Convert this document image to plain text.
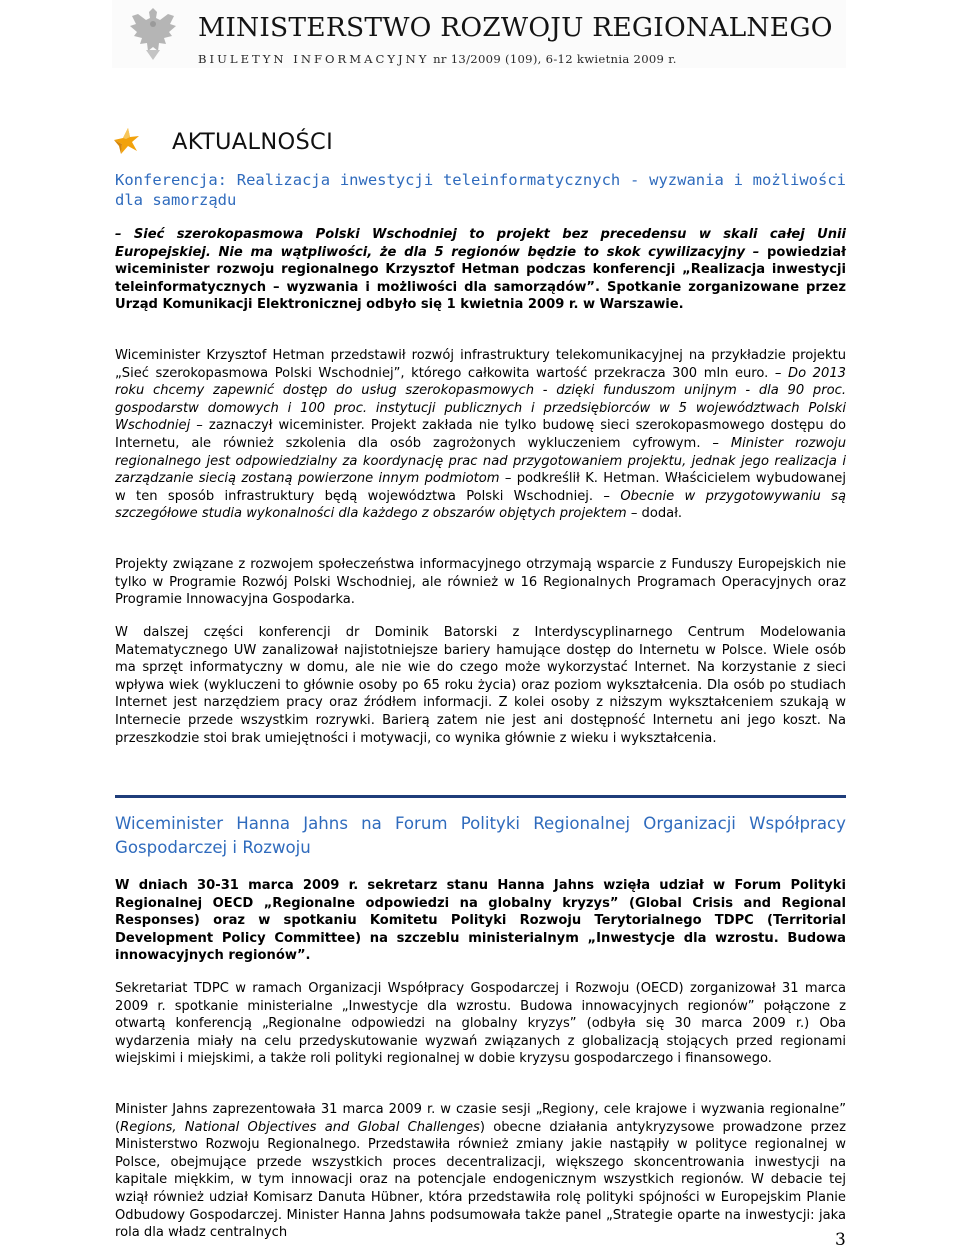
MINISTERSTWO ROZWOJU REGIONALNEGO
BIULETYN INFORMACYJNY nr 13/2009 (109), 6-12 kwietnia 2009 r.
AKTUALNOŚCI
Konferencja: Realizacja inwestycji teleinformatycznych - wyzwania i możliwości dla samorządu
– Sieć szerokopasmowa Polski Wschodniej to projekt bez precedensu w skali całej Unii Europejskiej. Nie ma wątpliwości, że dla 5 regionów będzie to skok cywilizacyjny – powiedział wiceminister rozwoju regionalnego Krzysztof Hetman podczas konferencji „Realizacja inwestycji teleinformatycznych – wyzwania i możliwości dla samorządów”. Spotkanie zorganizowane przez Urząd Komunikacji Elektronicznej odbyło się 1 kwietnia 2009 r. w Warszawie.
Wiceminister Krzysztof Hetman przedstawił rozwój infrastruktury telekomunikacyjnej na przykładzie projektu „Sieć szerokopasmowa Polski Wschodniej”, którego całkowita wartość przekracza 300 mln euro. – Do 2013 roku chcemy zapewnić dostęp do usług szerokopasmowych - dzięki funduszom unijnym - dla 90 proc. gospodarstw domowych i 100 proc. instytucji publicznych i przedsiębiorców w 5 województwach Polski Wschodniej – zaznaczył wiceminister. Projekt zakłada nie tylko budowę sieci szerokopasmowego dostępu do Internetu, ale również szkolenia dla osób zagrożonych wykluczeniem cyfrowym. – Minister rozwoju regionalnego jest odpowiedzialny za koordynację prac nad przygotowaniem projektu, jednak jego realizacja i zarządzanie siecią zostaną powierzone innym podmiotom – podkreślił K. Hetman. Właścicielem wybudowanej w ten sposób infrastruktury będą województwa Polski Wschodniej. – Obecnie w przygotowywaniu są szczegółowe studia wykonalności dla każdego z obszarów objętych projektem – dodał.
Projekty związane z rozwojem społeczeństwa informacyjnego otrzymają wsparcie z Funduszy Europejskich nie tylko w Programie Rozwój Polski Wschodniej, ale również w 16 Regionalnych Programach Operacyjnych oraz Programie Innowacyjna Gospodarka.
W dalszej części konferencji dr Dominik Batorski z Interdyscyplinarnego Centrum Modelowania Matematycznego UW zanalizował najistotniejsze bariery hamujące dostęp do Internetu w Polsce. Wiele osób ma sprzęt informatyczny w domu, ale nie wie do czego może wykorzystać Internet. Na korzystanie z sieci wpływa wiek (wykluczeni to głównie osoby po 65 roku życia) oraz poziom wykształcenia. Dla osób po studiach Internet jest narzędziem pracy oraz źródłem informacji. Z kolei osoby z niższym wykształceniem szukają w Internecie przede wszystkim rozrywki. Barierą zatem nie jest ani dostępność Internetu ani jego koszt. Na przeszkodzie stoi brak umiejętności i motywacji, co wynika głównie z wieku i wykształcenia.
Wiceminister Hanna Jahns na Forum Polityki Regionalnej Organizacji Współpracy Gospodarczej i Rozwoju
W dniach 30-31 marca 2009 r. sekretarz stanu Hanna Jahns wzięła udział w Forum Polityki Regionalnej OECD „Regionalne odpowiedzi na globalny kryzys” (Global Crisis and Regional Responses) oraz w spotkaniu Komitetu Polityki Rozwoju Terytorialnego TDPC (Territorial Development Policy Committee) na szczeblu ministerialnym „Inwestycje dla wzrostu. Budowa innowacyjnych regionów”.
Sekretariat TDPC w ramach Organizacji Współpracy Gospodarczej i Rozwoju (OECD) zorganizował 31 marca 2009 r. spotkanie ministerialne „Inwestycje dla wzrostu. Budowa innowacyjnych regionów” połączone z otwartą konferencją „Regionalne odpowiedzi na globalny kryzys” (odbyła się 30 marca 2009 r.) Oba wydarzenia miały na celu przedyskutowanie wyzwań związanych z globalizacją stojących przed regionami wiejskimi i miejskimi, a także roli polityki regionalnej w dobie kryzysu gospodarczego i finansowego.
Minister Jahns zaprezentowała 31 marca 2009 r. w czasie sesji „Regiony, cele krajowe i wyzwania regionalne” (Regions, National Objectives and Global Challenges) obecne działania antykryzysowe prowadzone przez Ministerstwo Rozwoju Regionalnego. Przedstawiła również zmiany jakie nastąpiły w polityce regionalnej w Polsce, obejmujące przede wszystkich proces decentralizacji, większego skoncentrowania inwestycji na kapitale miękkim, w tym innowacji oraz na potencjale endogenicznym wszystkich regionów. W debacie tej wziął również udział Komisarz Danuta Hübner, która przedstawiła rolę polityki spójności w Europejskim Planie Odbudowy Gospodarczej. Minister Hanna Jahns podsumowała także panel „Strategie oparte na inwestycji: jaka rola dla władz centralnych	3
